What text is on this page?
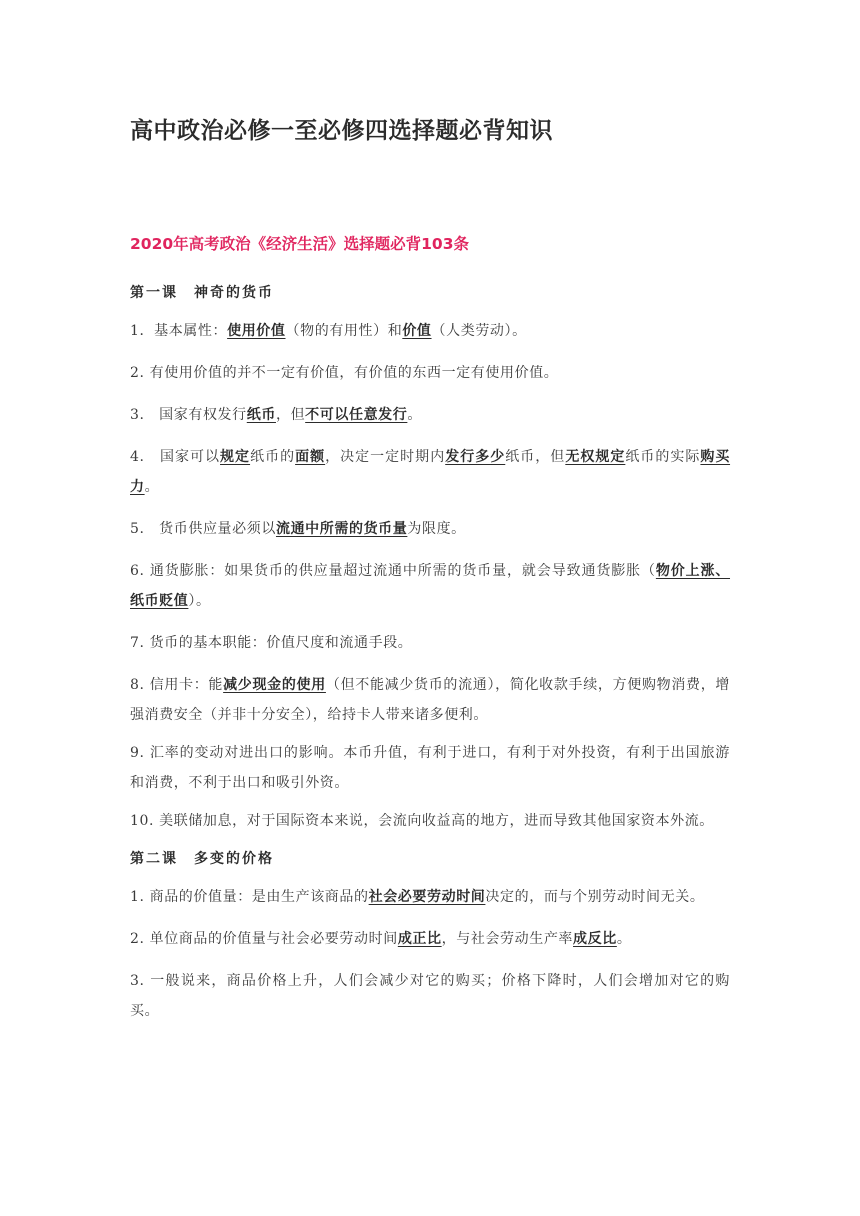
高中政治必修一至必修四选择题必背知识
2020年高考政治《经济生活》选择题必背103条
第一课　神奇的货币

1．基本属性：使用价值（物的有用性）和价值（人类劳动）。

2. 有使用价值的并不一定有价值，有价值的东西一定有使用价值。

3.　国家有权发行纸币，但不可以任意发行。

4.　国家可以规定纸币的面额，决定一定时期内发行多少纸币，但无权规定纸币的实际购买力。

5.　货币供应量必须以流通中所需的货币量为限度。

6. 通货膨胀：如果货币的供应量超过流通中所需的货币量，就会导致通货膨胀（物价上涨、纸币贬值）。

7. 货币的基本职能：价值尺度和流通手段。

8. 信用卡：能减少现金的使用（但不能减少货币的流通），简化收款手续，方便购物消费，增强消费安全（并非十分安全），给持卡人带来诸多便利。

9. 汇率的变动对进出口的影响。本币升值，有利于进口，有利于对外投资，有利于出国旅游和消费，不利于出口和吸引外资。

10. 美联储加息，对于国际资本来说，会流向收益高的地方，进而导致其他国家资本外流。

第二课　多变的价格

1. 商品的价值量：是由生产该商品的社会必要劳动时间决定的，而与个别劳动时间无关。

2. 单位商品的价值量与社会必要劳动时间成正比，与社会劳动生产率成反比。

3. 一般说来，商品价格上升，人们会减少对它的购买；价格下降时，人们会增加对它的购买。
